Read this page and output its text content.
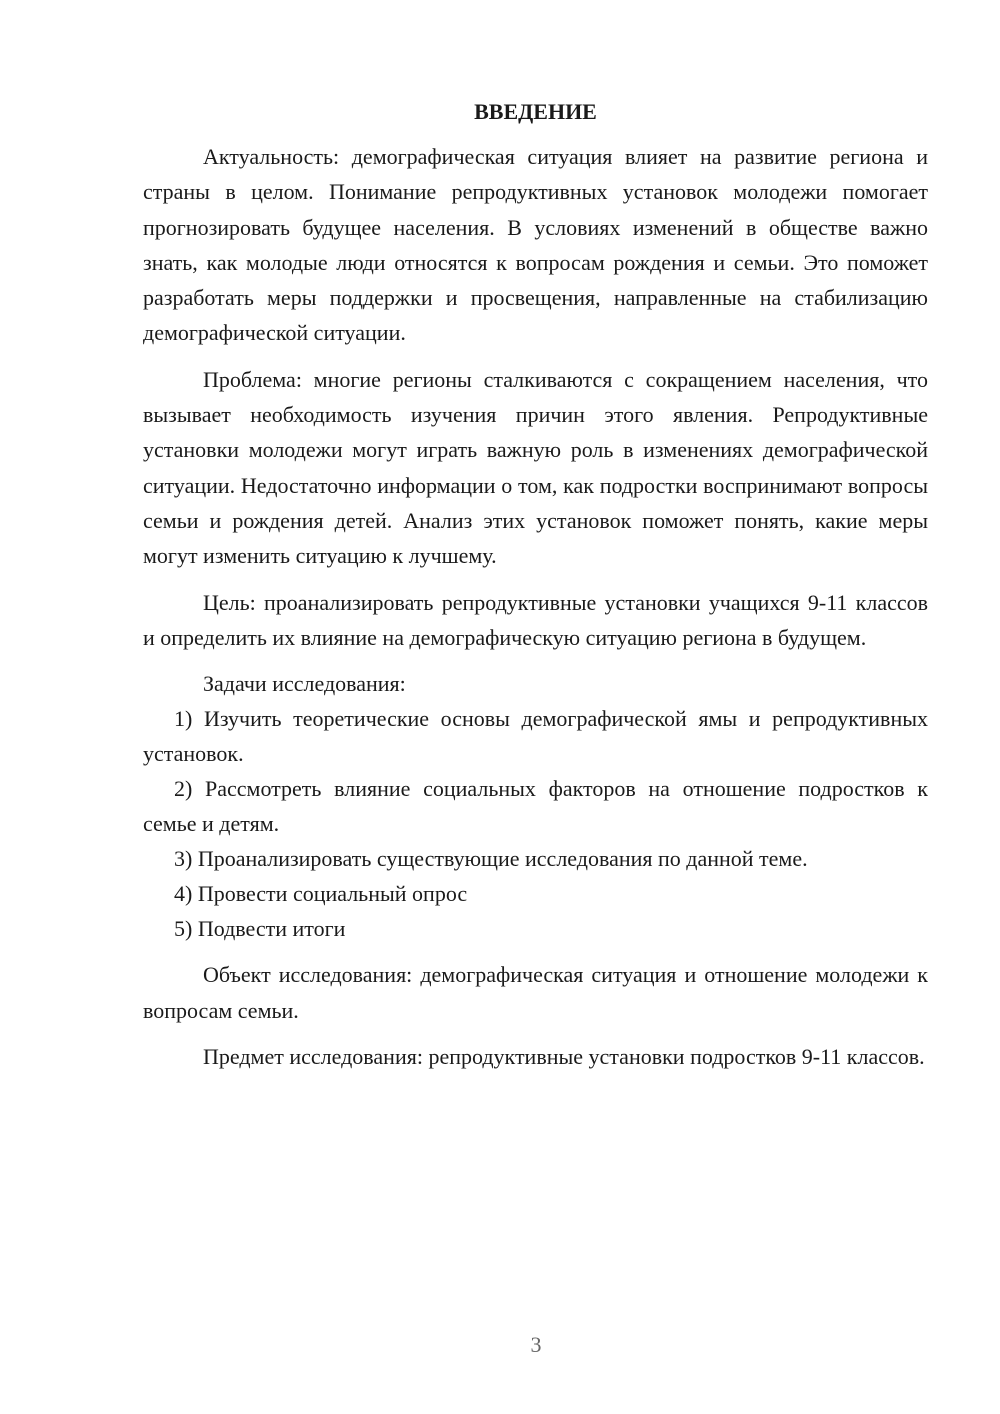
ВВЕДЕНИЕ

Актуальность: демографическая ситуация влияет на развитие региона и страны в целом. Понимание репродуктивных установок молодежи помогает прогнозировать будущее населения. В условиях изменений в обществе важно знать, как молодые люди относятся к вопросам рождения и семьи. Это поможет разработать меры поддержки и просвещения, направленные на стабилизацию демографической ситуации.

Проблема: многие регионы сталкиваются с сокращением населения, что вызывает необходимость изучения причин этого явления. Репродуктивные установки молодежи могут играть важную роль в изменениях демографической ситуации. Недостаточно информации о том, как подростки воспринимают вопросы семьи и рождения детей. Анализ этих установок поможет понять, какие меры могут изменить ситуацию к лучшему.

Цель: проанализировать репродуктивные установки учащихся 9-11 классов и определить их влияние на демографическую ситуацию региона в будущем.

Задачи исследования:

1) Изучить теоретические основы демографической ямы и репродуктивных установок.

2) Рассмотреть влияние социальных факторов на отношение подростков к семье и детям.

3) Проанализировать существующие исследования по данной теме.

4) Провести социальный опрос

5) Подвести итоги

Объект исследования: демографическая ситуация и отношение молодежи к вопросам семьи.

Предмет исследования: репродуктивные установки подростков 9-11 классов.

3
